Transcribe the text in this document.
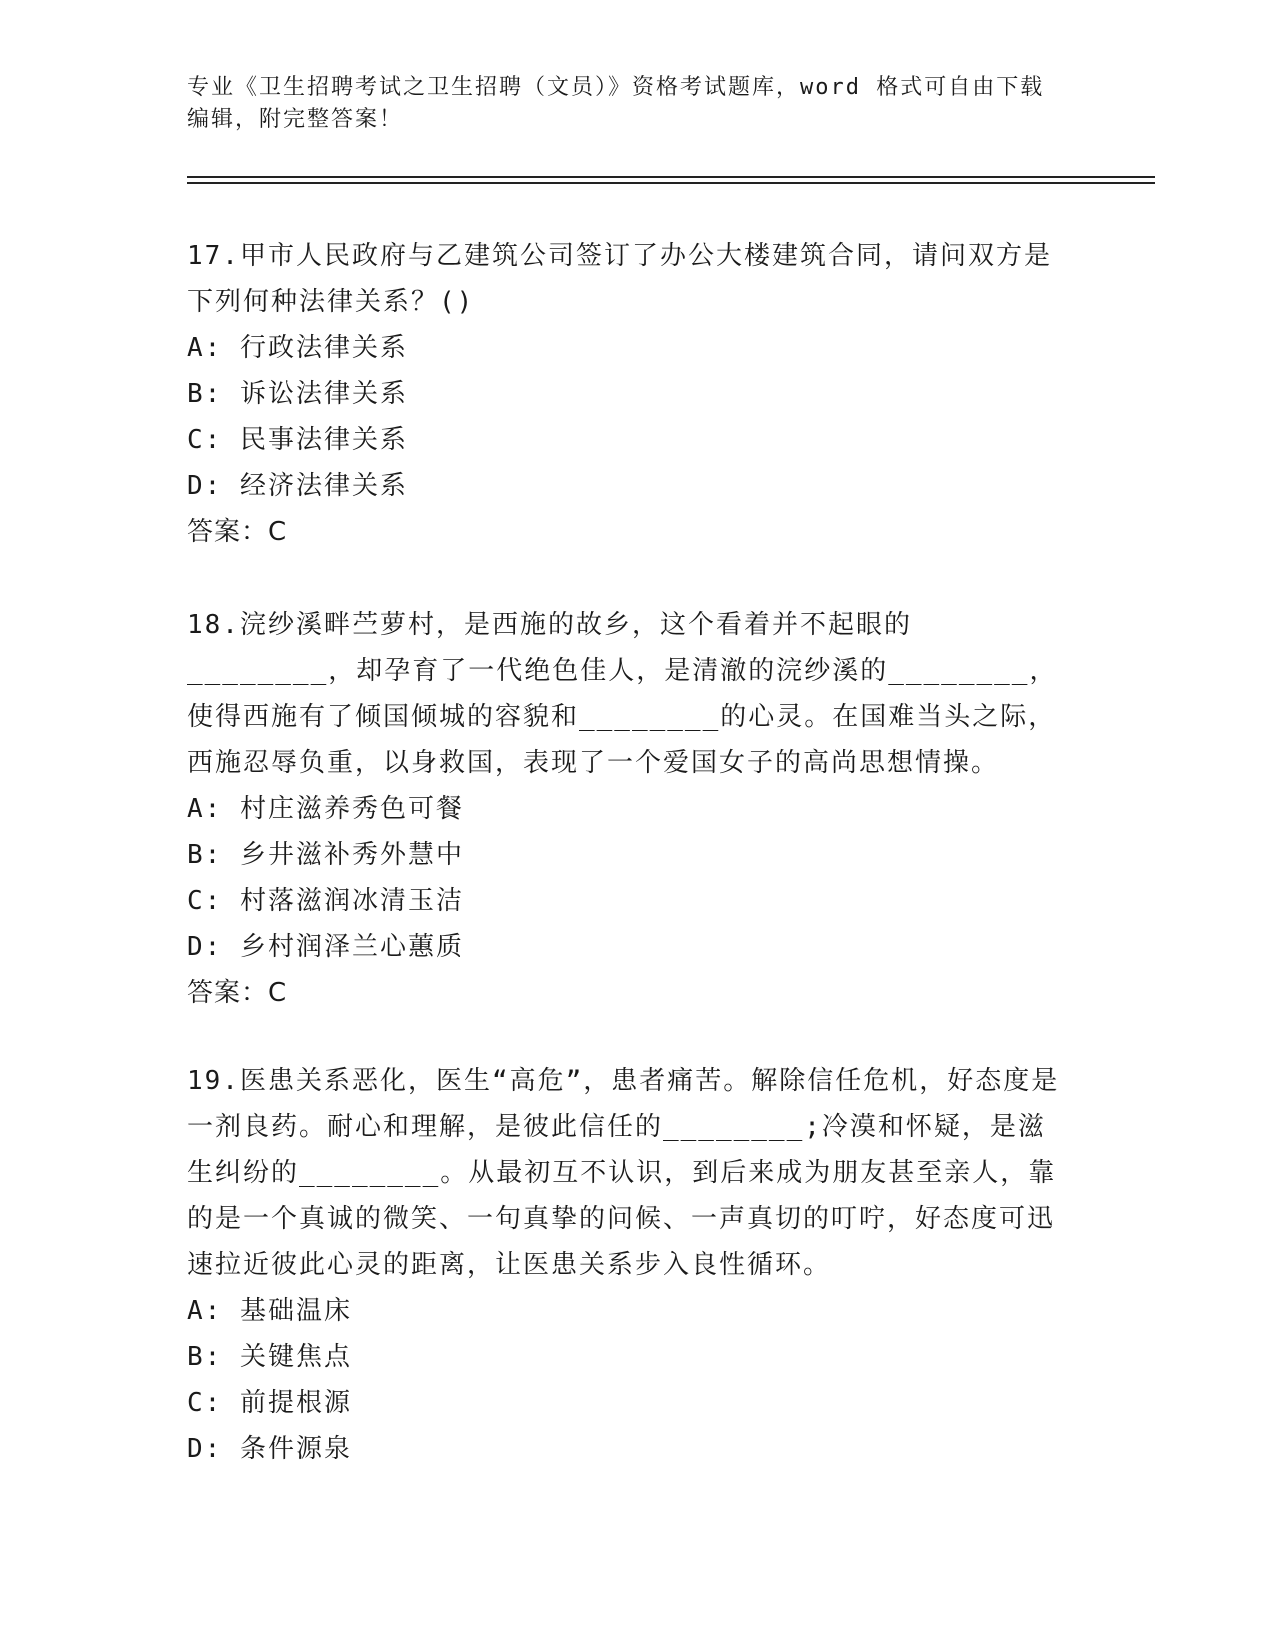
专业《卫生招聘考试之卫生招聘（文员）》资格考试题库，word 格式可自由下载编辑，附完整答案！

17.甲市人民政府与乙建筑公司签订了办公大楼建筑合同，请问双方是下列何种法律关系？()

A: 行政法律关系

B: 诉讼法律关系

C: 民事法律关系

D: 经济法律关系

答案：C

18.浣纱溪畔苎萝村，是西施的故乡，这个看着并不起眼的________，却孕育了一代绝色佳人，是清澈的浣纱溪的________，使得西施有了倾国倾城的容貌和________的心灵。在国难当头之际，西施忍辱负重，以身救国，表现了一个爱国女子的高尚思想情操。

A: 村庄滋养秀色可餐

B: 乡井滋补秀外慧中

C: 村落滋润冰清玉洁

D: 乡村润泽兰心蕙质

答案：C

19.医患关系恶化，医生“高危”，患者痛苦。解除信任危机，好态度是一剂良药。耐心和理解，是彼此信任的________;冷漠和怀疑，是滋生纠纷的________。从最初互不认识，到后来成为朋友甚至亲人，靠的是一个真诚的微笑、一句真挚的问候、一声真切的叮咛，好态度可迅速拉近彼此心灵的距离，让医患关系步入良性循环。

A: 基础温床

B: 关键焦点

C: 前提根源

D: 条件源泉
